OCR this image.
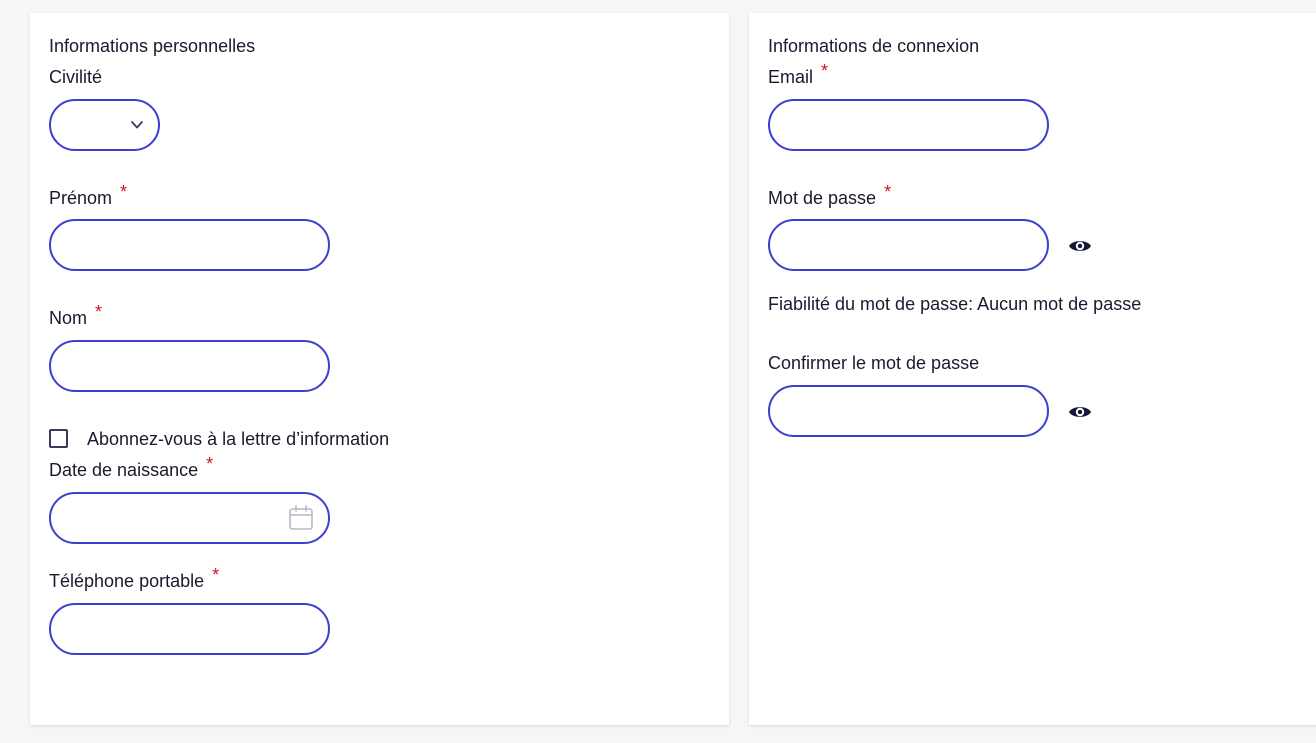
Informations personnelles
Civilité
Prénom *
Nom *
Abonnez-vous à la lettre d’information
Date de naissance *
Téléphone portable *
Informations de connexion
Email *
Mot de passe *
Fiabilité du mot de passe: Aucun mot de passe
Confirmer le mot de passe
